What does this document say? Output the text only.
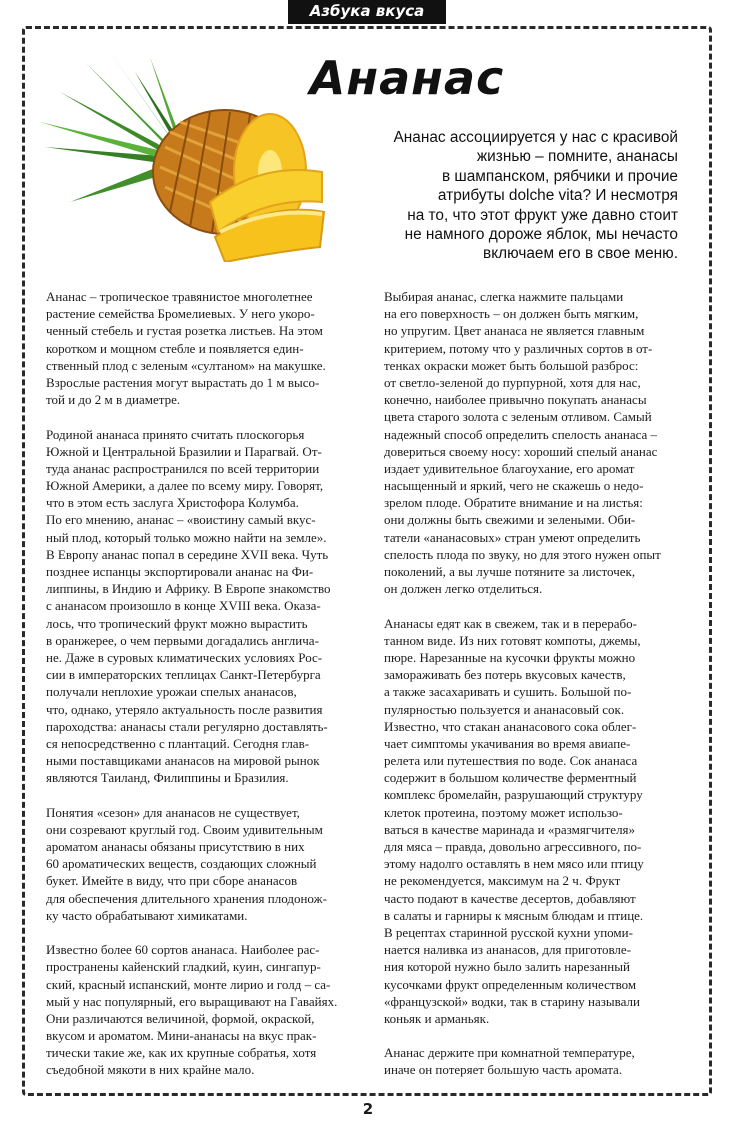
Азбука вкуса
Ананас
Ананас ассоциируется у нас с красивой
жизнью – помните, ананасы
в шампанском, рябчики и прочие
атрибуты dolche vita? И несмотря
на то, что этот фрукт уже давно стоит
не намного дороже яблок, мы нечасто
включаем его в свое меню.
Ананас – тропическое травянистое многолетнее
растение семейства Бромелиевых. У него укоро-
ченный стебель и густая розетка листьев. На этом
коротком и мощном стебле и появляется един-
ственный плод с зеленым «султаном» на макушке.
Взрослые растения могут вырастать до 1 м высо-
той и до 2 м в диаметре.
Родиной ананаса принято считать плоскогорья
Южной и Центральной Бразилии и Парагвай. От-
туда ананас распространился по всей территории
Южной Америки, а далее по всему миру. Говорят,
что в этом есть заслуга Христофора Колумба.
По его мнению, ананас – «воистину самый вкус-
ный плод, который только можно найти на земле».
В Европу ананас попал в середине XVII века. Чуть
позднее испанцы экспортировали ананас на Фи-
липпины, в Индию и Африку. В Европе знакомство
с ананасом произошло в конце XVIII века. Оказа-
лось, что тропический фрукт можно вырастить
в оранжерее, о чем первыми догадались англича-
не. Даже в суровых климатических условиях Рос-
сии в императорских теплицах Санкт-Петербурга
получали неплохие урожаи спелых ананасов,
что, однако, утеряло актуальность после развития
пароходства: ананасы стали регулярно доставлять-
ся непосредственно с плантаций. Сегодня глав-
ными поставщиками ананасов на мировой рынок
являются Таиланд, Филиппины и Бразилия.
Понятия «сезон» для ананасов не существует,
они созревают круглый год. Своим удивительным
ароматом ананасы обязаны присутствию в них
60 ароматических веществ, создающих сложный
букет. Имейте в виду, что при сборе ананасов
для обеспечения длительного хранения плодонож-
ку часто обрабатывают химикатами.
Известно более 60 сортов ананаса. Наиболее рас-
пространены кайенский гладкий, куин, сингапур-
ский, красный испанский, монте лирио и голд – са-
мый у нас популярный, его выращивают на Гавайях.
Они различаются величиной, формой, окраской,
вкусом и ароматом. Мини-ананасы на вкус прак-
тически такие же, как их крупные собратья, хотя
съедобной мякоти в них крайне мало.
Выбирая ананас, слегка нажмите пальцами
на его поверхность – он должен быть мягким,
но упругим. Цвет ананаса не является главным
критерием, потому что у различных сортов в от-
тенках окраски может быть большой разброс:
от светло-зеленой до пурпурной, хотя для нас,
конечно, наиболее привычно покупать ананасы
цвета старого золота с зеленым отливом. Самый
надежный способ определить спелость ананаса –
довериться своему носу: хороший спелый ананас
издает удивительное благоухание, его аромат
насыщенный и яркий, чего не скажешь о недо-
зрелом плоде. Обратите внимание и на листья:
они должны быть свежими и зелеными. Оби-
татели «ананасовых» стран умеют определить
спелость плода по звуку, но для этого нужен опыт
поколений, а вы лучше потяните за листочек,
он должен легко отделиться.
Ананасы едят как в свежем, так и в перерабо-
танном виде. Из них готовят компоты, джемы,
пюре. Нарезанные на кусочки фрукты можно
замораживать без потерь вкусовых качеств,
а также засахаривать и сушить. Большой по-
пулярностью пользуется и ананасовый сок.
Известно, что стакан ананасового сока облег-
чает симптомы укачивания во время авиапе-
релета или путешествия по воде. Сок ананаса
содержит в большом количестве ферментный
комплекс бромелайн, разрушающий структуру
клеток протеина, поэтому может использо-
ваться в качестве маринада и «размягчителя»
для мяса – правда, довольно агрессивного, по-
этому надолго оставлять в нем мясо или птицу
не рекомендуется, максимум на 2 ч. Фрукт
часто подают в качестве десертов, добавляют
в салаты и гарниры к мясным блюдам и птице.
В рецептах старинной русской кухни упоми-
нается наливка из ананасов, для приготовле-
ния которой нужно было залить нарезанный
кусочками фрукт определенным количеством
«французской» водки, так в старину называли
коньяк и арманьяк.
Ананас держите при комнатной температуре,
иначе он потеряет большую часть аромата.
2
